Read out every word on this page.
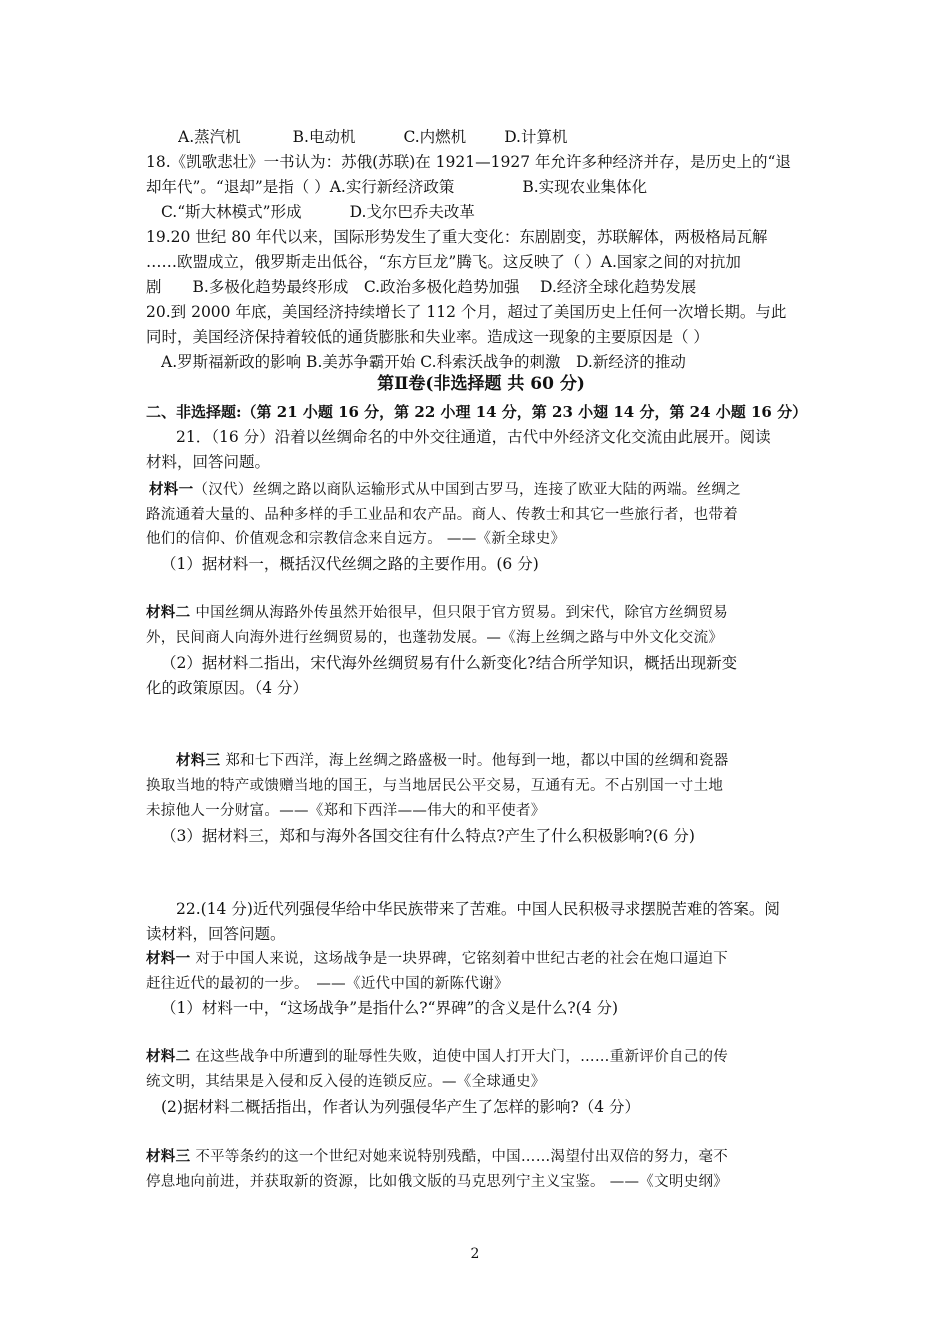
A.蒸汽机	B.电动机	C.内燃机 D.计算机
18.《凯歌悲壮》一书认为：苏俄(苏联)在 1921—1927 年允许多种经济并存，是历史上的“退
却年代”。“退却”是指（ ）A.实行新经济政策	B.实现农业集体化
C.“斯大林模式”形成	D.戈尔巴乔夫改革
19.20 世纪 80 年代以来，国际形势发生了重大变化：东剧剧变，苏联解体，两极格局瓦解
……欧盟成立，俄罗斯走出低谷，“东方巨龙”腾飞。这反映了（ ）A.国家之间的对抗加
剧　　B.多极化趋势最终形成　C.政治多极化趋势加强　 D.经济全球化趋势发展
20.到 2000 年底，美国经济持续增长了 112 个月，超过了美国历史上任何一次增长期。与此
同时，美国经济保持着较低的通货膨胀和失业率。造成这一现象的主要原因是（ ）
A.罗斯福新政的影响 B.美苏争霸开始 C.科索沃战争的刺激　D.新经济的推动
第Ⅱ卷(非选择题 共 60 分)
二、非选择题:（第 21 小题 16 分，第 22 小理 14 分，第 23 小翅 14 分，第 24 小题 16 分）
21．（16 分）沿着以丝绸命名的中外交往通道，古代中外经济文化交流由此展开。阅读
材料，回答问题。
材料一（汉代）丝绸之路以商队运输形式从中国到古罗马，连接了欧亚大陆的两端。丝绸之
路流通着大量的、品种多样的手工业品和农产品。商人、传教士和其它一些旅行者，也带着
他们的信仰、价值观念和宗教信念来自远方。 ——《新全球史》
（1）据材料一，概括汉代丝绸之路的主要作用。(6 分)
材料二 中国丝绸从海路外传虽然开始很早，但只限于官方贸易。到宋代，除官方丝绸贸易
外，民间商人向海外进行丝绸贸易的，也蓬勃发展。—《海上丝绸之路与中外文化交流》
（2）据材料二指出，宋代海外丝绸贸易有什么新变化?结合所学知识，概括出现新变
化的政策原因。（4 分）
材料三 郑和七下西洋，海上丝绸之路盛极一时。他每到一地，都以中国的丝绸和瓷器
换取当地的特产或馈赠当地的国王，与当地居民公平交易，互通有无。不占别国一寸土地
未掠他人一分财富。——《郑和下西洋——伟大的和平使者》
（3）据材料三，郑和与海外各国交往有什么特点?产生了什么积极影响?(6 分)
22.(14 分)近代列强侵华给中华民族带来了苦难。中国人民积极寻求摆脱苦难的答案。阅
读材料，回答问题。
材料一 对于中国人来说，这场战争是一块界碑，它铭刻着中世纪古老的社会在炮口逼迫下
赶往近代的最初的一步。　——《近代中国的新陈代谢》
（1）材料一中，“这场战争”是指什么?“界碑”的含义是什么?(4 分)
材料二 在这些战争中所遭到的耻辱性失败，迫使中国人打开大门，……重新评价自己的传
统文明，其结果是入侵和反入侵的连锁反应。—《全球通史》
(2)据材料二概括指出，作者认为列强侵华产生了怎样的影响?（4 分）
材料三 不平等条约的这一个世纪对她来说特别残酷，中国……渴望付出双倍的努力，毫不
停息地向前进，并获取新的资源，比如俄文版的马克思列宁主义宝鉴。 ——《文明史纲》
2
